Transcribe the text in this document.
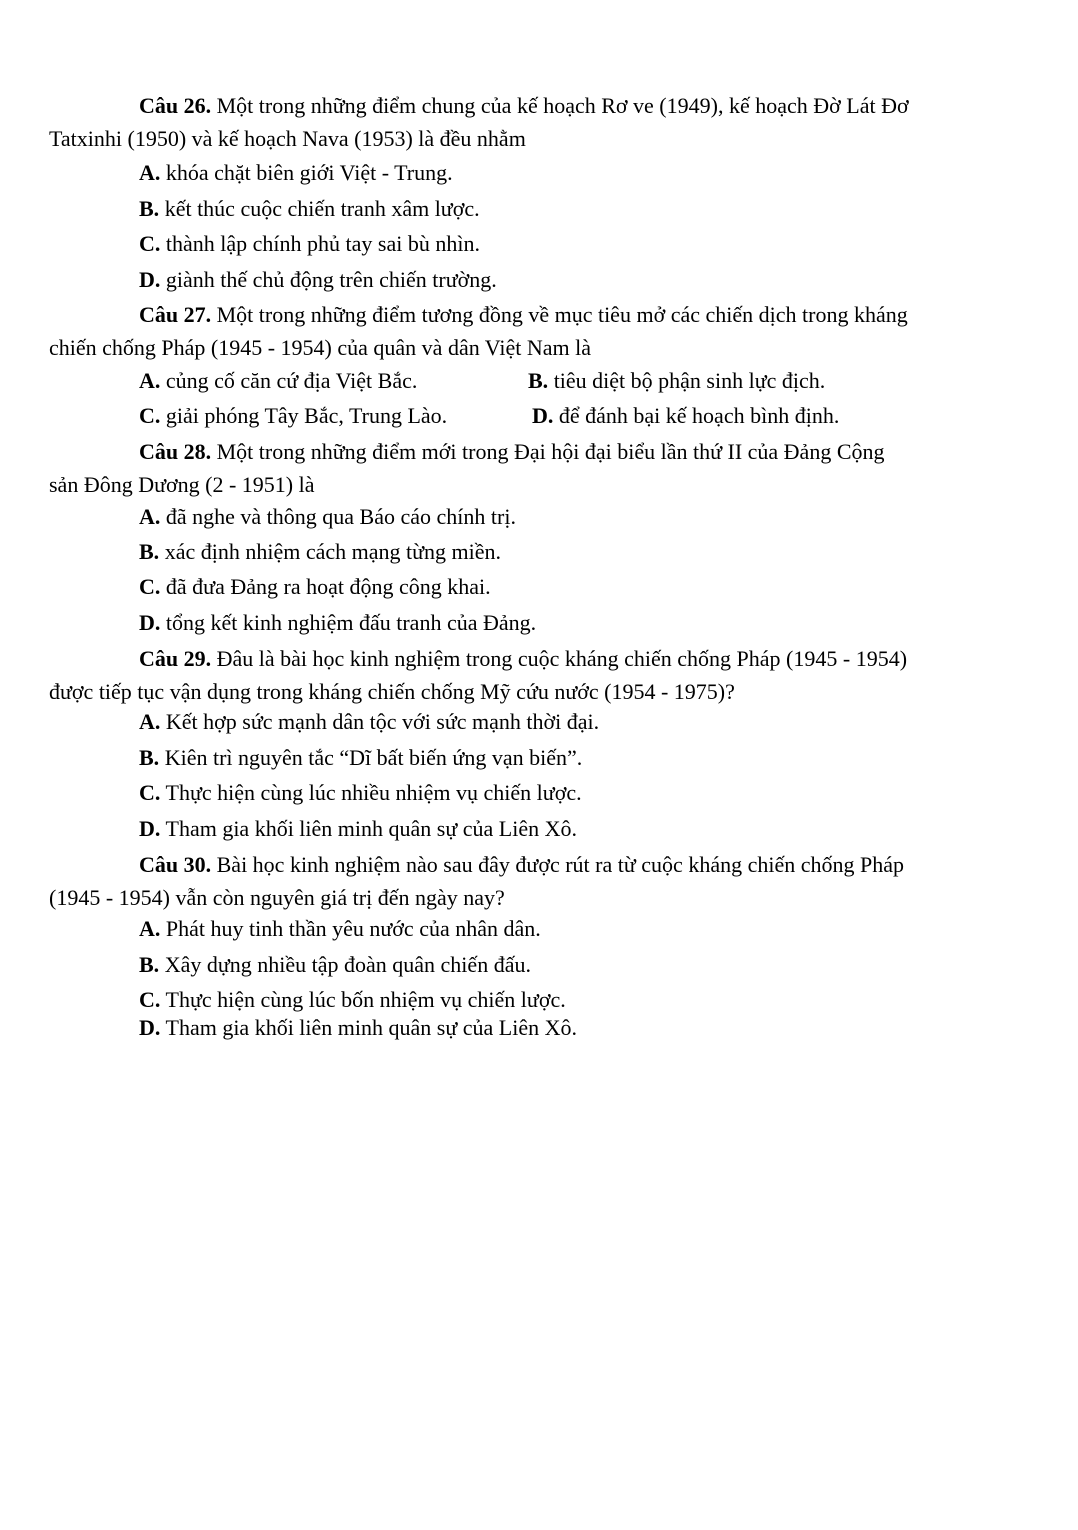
Câu 26. Một trong những điểm chung của kế hoạch Rơ ve (1949), kế hoạch Đờ Lát Đơ
Tatxinhi (1950) và kế hoạch Nava (1953) là đều nhằm

A. khóa chặt biên giới Việt - Trung.
B. kết thúc cuộc chiến tranh xâm lược.
C. thành lập chính phủ tay sai bù nhìn.
D. giành thế chủ động trên chiến trường.

Câu 27. Một trong những điểm tương đồng về mục tiêu mở các chiến dịch trong kháng
chiến chống Pháp (1945 - 1954) của quân và dân Việt Nam là

A. củng cố căn cứ địa Việt Bắc.	B. tiêu diệt bộ phận sinh lực địch.
C. giải phóng Tây Bắc, Trung Lào.	D. để đánh bại kế hoạch bình định.

Câu 28. Một trong những điểm mới trong Đại hội đại biểu lần thứ II của Đảng Cộng
sản Đông Dương (2 - 1951) là

A. đã nghe và thông qua Báo cáo chính trị.
B. xác định nhiệm cách mạng từng miền.
C. đã đưa Đảng ra hoạt động công khai.
D. tổng kết kinh nghiệm đấu tranh của Đảng.

Câu 29. Đâu là bài học kinh nghiệm trong cuộc kháng chiến chống Pháp (1945 - 1954)
được tiếp tục vận dụng trong kháng chiến chống Mỹ cứu nước (1954 - 1975)?

A. Kết hợp sức mạnh dân tộc với sức mạnh thời đại.
B. Kiên trì nguyên tắc “Dĩ bất biến ứng vạn biến”.
C. Thực hiện cùng lúc nhiều nhiệm vụ chiến lược.
D. Tham gia khối liên minh quân sự của Liên Xô.

Câu 30. Bài học kinh nghiệm nào sau đây được rút ra từ cuộc kháng chiến chống Pháp
(1945 - 1954) vẫn còn nguyên giá trị đến ngày nay?

A. Phát huy tinh thần yêu nước của nhân dân.
B. Xây dựng nhiều tập đoàn quân chiến đấu.
C. Thực hiện cùng lúc bốn nhiệm vụ chiến lược.
D. Tham gia khối liên minh quân sự của Liên Xô.
